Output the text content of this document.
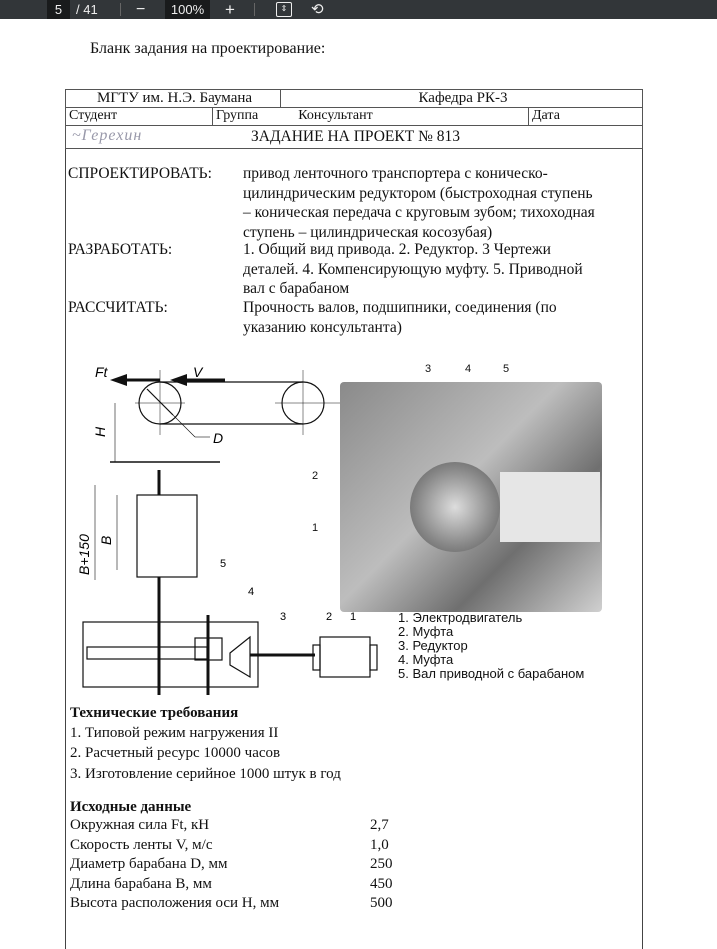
5	/ 41 −	100%	+	⇕	⟲
Бланк задания на проектирование:
МГТУ им. Н.Э. Баумана	Кафедра РК-3
Студент	Группа	Консультант	Дата
ЗАДАНИЕ НА ПРОЕКТ № 813
~Герехин
СПРОЕКТИРОВАТЬ: привод ленточного транспортера с коническо-
цилиндрическим редуктором (быстроходная ступень
– коническая передача с круговым зубом; тихоходная
ступень – цилиндрическая косозубая)
РАЗРАБОТАТЬ:	1. Общий вид привода. 2. Редуктор. 3 Чертежи
деталей. 4. Компенсирующую муфту. 5. Приводной
вал с барабаном
РАССЧИТАТЬ:	Прочность валов, подшипники, соединения (по
указанию консультанта)
3	4	5
2
1
Ft	V
D
H
B+150 B
5
4
3	2 1	1. Электродвигатель
2. Муфта
3. Редуктор
4. Муфта
5. Вал приводной с барабаном
Технические требования
1. Типовой режим нагружения II
2. Расчетный ресурс 10000 часов
3. Изготовление серийное 1000 штук в год
Исходные данные
Окружная сила Ft, кН	2,7
Скорость ленты V, м/с	1,0
Диаметр барабана D, мм	250
Длина барабана B, мм	450
Высота расположения оси H, мм	500
